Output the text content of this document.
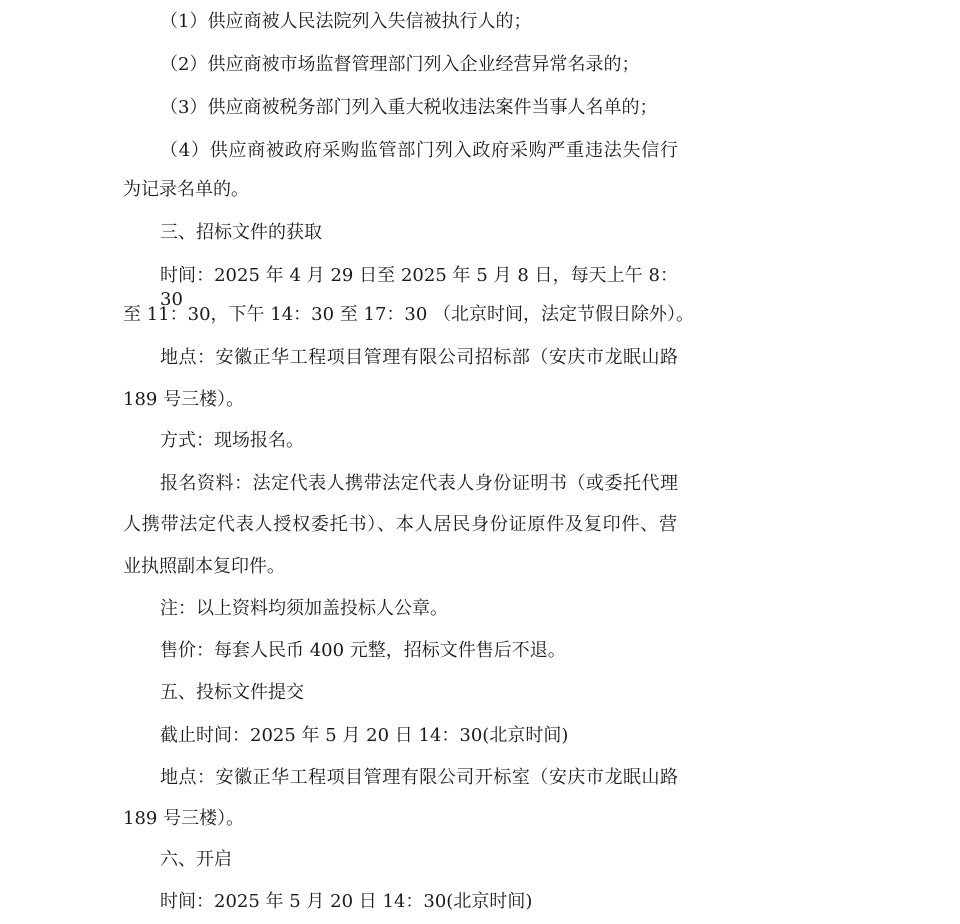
（1）供应商被人民法院列入失信被执行人的；
（2）供应商被市场监督管理部门列入企业经营异常名录的；
（3）供应商被税务部门列入重大税收违法案件当事人名单的；
（4）供应商被政府采购监管部门列入政府采购严重违法失信行
为记录名单的。
三、招标文件的获取
时间：2025 年 4 月 29 日至 2025 年 5 月 8 日，每天上午 8：30
至 11：30，下午 14：30 至 17：30 （北京时间，法定节假日除外）。
地点：安徽正华工程项目管理有限公司招标部（安庆市龙眠山路
189 号三楼）。
方式：现场报名。
报名资料：法定代表人携带法定代表人身份证明书（或委托代理
人携带法定代表人授权委托书）、本人居民身份证原件及复印件、营
业执照副本复印件。
注：以上资料均须加盖投标人公章。
售价：每套人民币 400 元整，招标文件售后不退。
五、投标文件提交
截止时间：2025 年 5 月 20 日 14：30(北京时间)
地点：安徽正华工程项目管理有限公司开标室（安庆市龙眠山路
189 号三楼）。
六、开启
时间：2025 年 5 月 20 日 14：30(北京时间)
